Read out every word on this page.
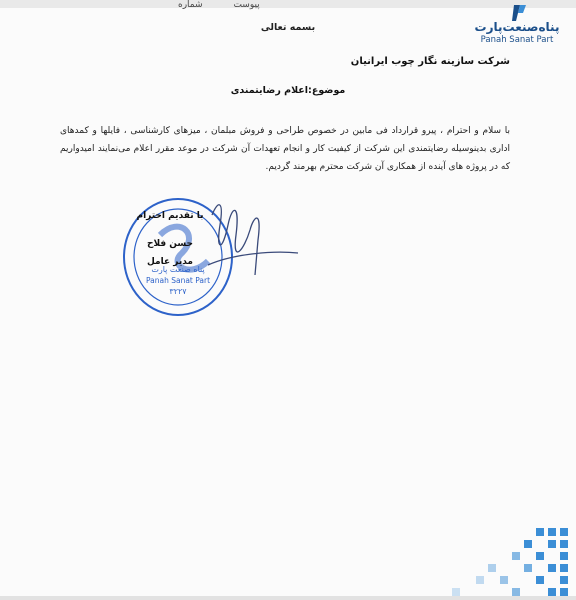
پیوست شماره
پناه‌صنعت‌پارت
Panah Sanat Part
بسمه تعالی
شرکت سازینه نگار چوب ایرانیان
موضوع:اعلام رضایتمندی
با سلام و احترام ، پیرو قرارداد فی مابین در خصوص طراحی و فروش مبلمان ، میزهای کارشناسی ، فایلها و کمدهای اداری بدینوسیله رضایتمندی این شرکت از کیفیت کار و انجام تعهدات آن شرکت در موعد مقرر اعلام می‌نمایند امیدواریم که در پروژه های آینده از همکاری آن شرکت محترم بهرمند گردیم.
پناه صنعت پارت
Panah Sanat Part
۳۲۲۷
با تقدیم احترام
حسن فلاح
مدیر عامل
